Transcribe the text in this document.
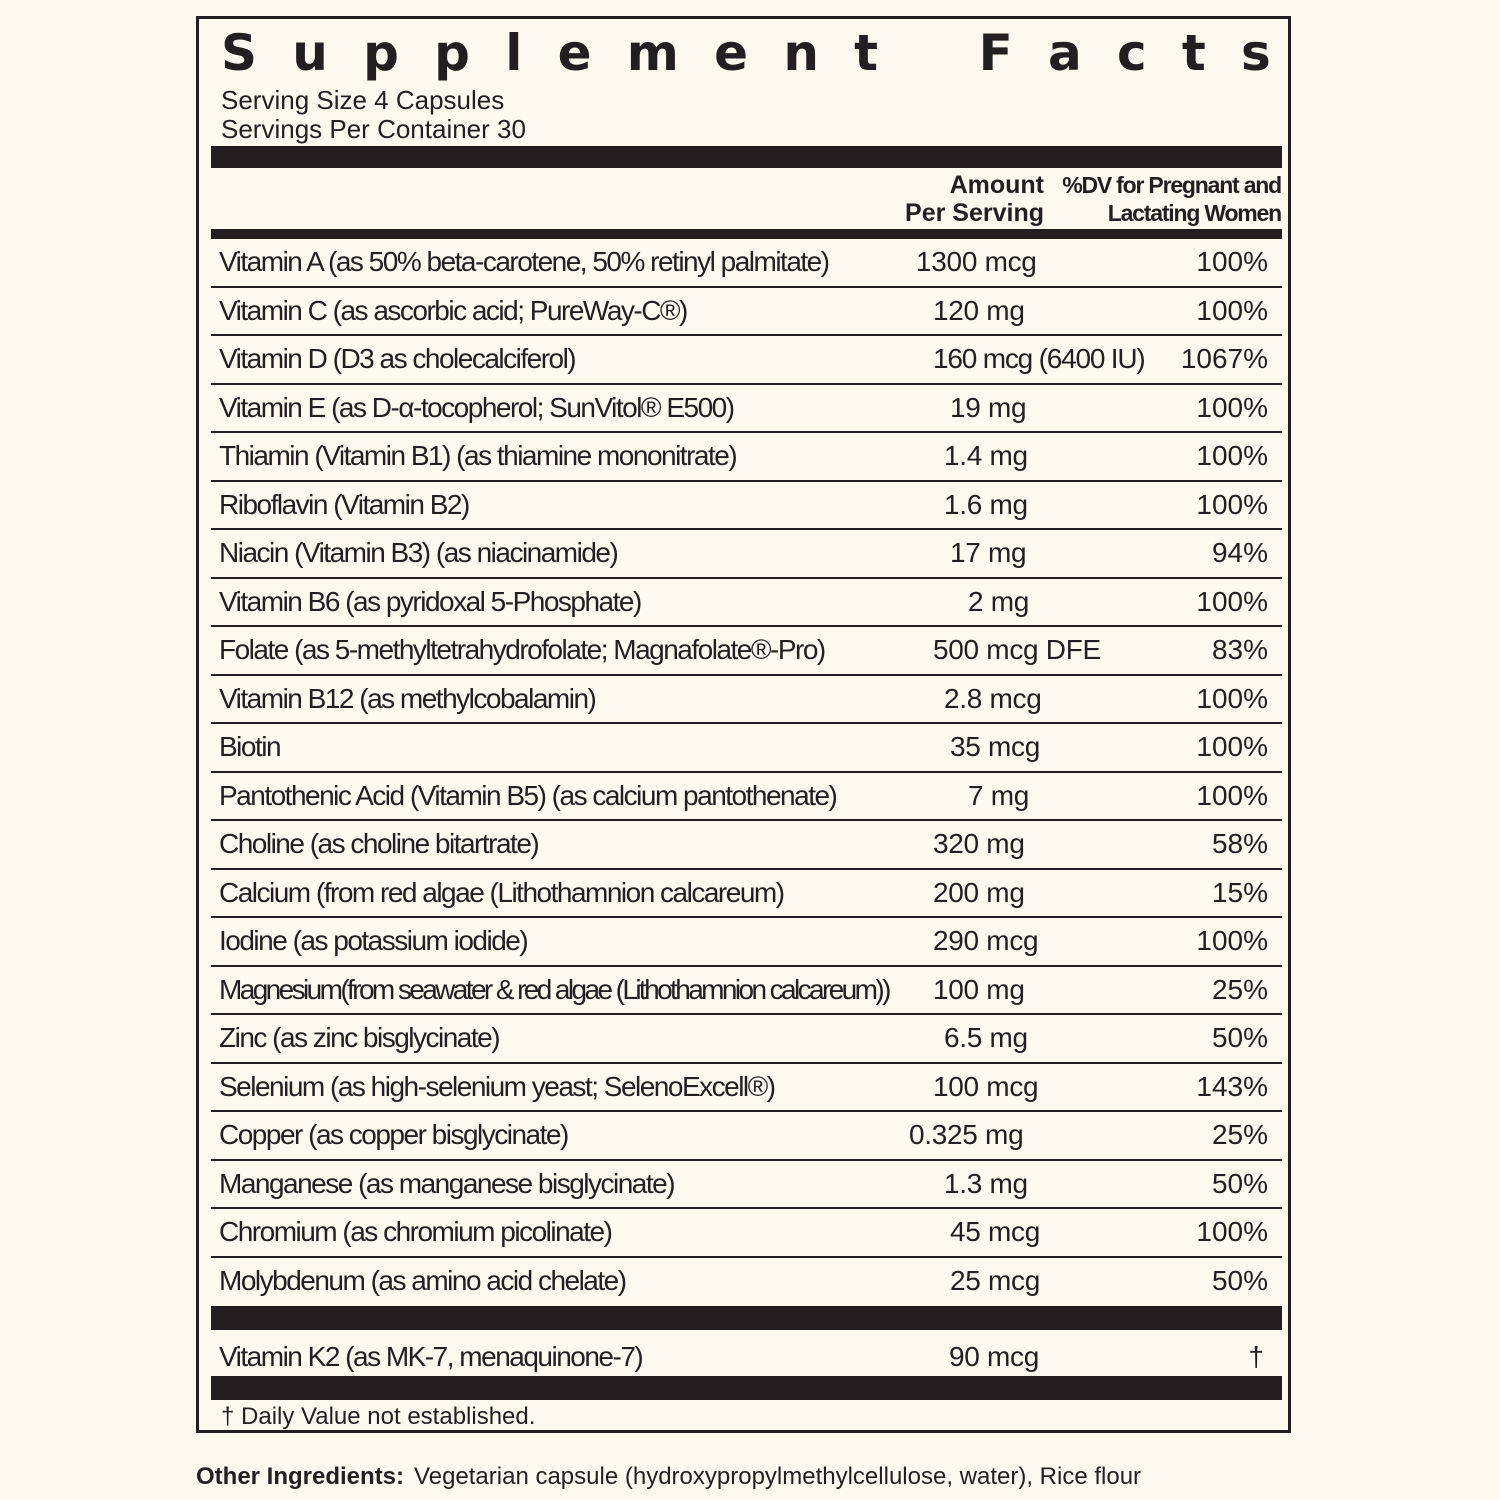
S u p p l e m e n t F a c t s
Serving Size 4 Capsules
Servings Per Container 30
Amount
Per Serving
%DV for Pregnant and
Lactating Women
Vitamin A (as 50% beta-carotene, 50% retinyl palmitate)	1300 mcg	100%
Vitamin C (as ascorbic acid; PureWay-C®)	120 mg	100%
Vitamin D (D3 as cholecalciferol)	160 mcg (6400 IU) 1067%
Vitamin E (as D-α-tocopherol; SunVitol® E500)	19 mg	100%
Thiamin (Vitamin B1) (as thiamine mononitrate)	1.4 mg	100%
Riboflavin (Vitamin B2)	1.6 mg	100%
Niacin (Vitamin B3) (as niacinamide)	17 mg	94%
Vitamin B6 (as pyridoxal 5-Phosphate)	2 mg	100%
Folate (as 5-methyltetrahydrofolate; Magnafolate®-Pro)	500 mcg DFE	83%
Vitamin B12 (as methylcobalamin)	2.8 mcg	100%
Biotin	35 mcg	100%
Pantothenic Acid (Vitamin B5) (as calcium pantothenate)	7 mg	100%
Choline (as choline bitartrate)	320 mg	58%
Calcium (from red algae (Lithothamnion calcareum)	200 mg	15%
Iodine (as potassium iodide)	290 mcg	100%
Magnesium(from seawater & red algae (Lithothamnion calcareum)) 100 mg	25%
Zinc (as zinc bisglycinate)	6.5 mg	50%
Selenium (as high-selenium yeast; SelenoExcell®)	100 mcg	143%
Copper (as copper bisglycinate)	0.325 mg	25%
Manganese (as manganese bisglycinate)	1.3 mg	50%
Chromium (as chromium picolinate)	45 mcg	100%
Molybdenum (as amino acid chelate)	25 mcg	50%
Vitamin K2 (as MK-7, menaquinone-7)	90 mcg	†
† Daily Value not established.
Other Ingredients: Vegetarian capsule (hydroxypropylmethylcellulose, water), Rice flour
